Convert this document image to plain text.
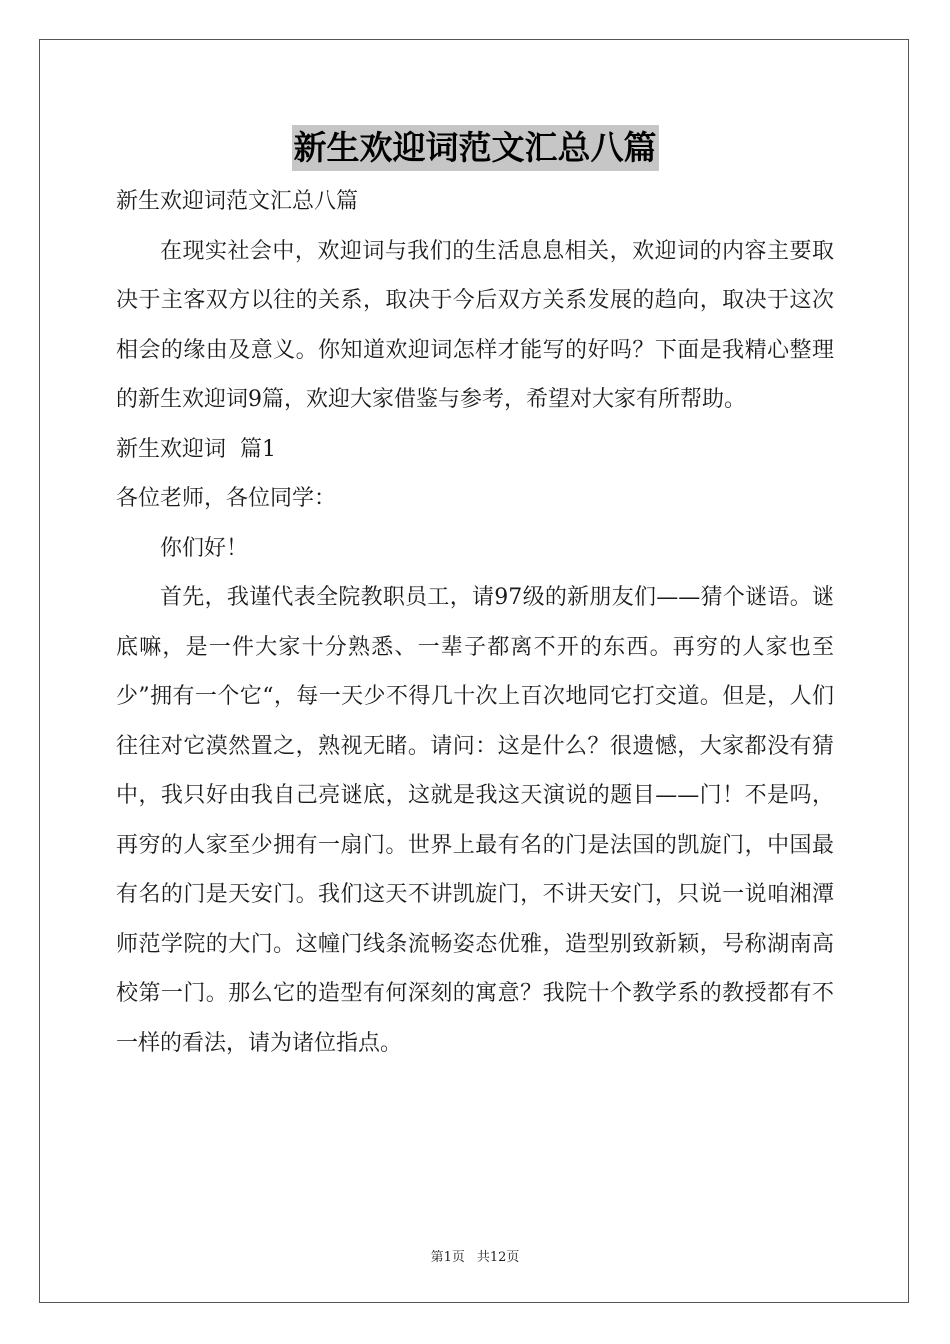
新生欢迎词范文汇总八篇

新生欢迎词范文汇总八篇

在现实社会中，欢迎词与我们的生活息息相关，欢迎词的内容主要取决于主客双方以往的关系，取决于今后双方关系发展的趋向，取决于这次相会的缘由及意义。你知道欢迎词怎样才能写的好吗？下面是我精心整理的新生欢迎词9篇，欢迎大家借鉴与参考，希望对大家有所帮助。

新生欢迎词  篇1

各位老师，各位同学：

你们好！

首先，我谨代表全院教职员工，请97级的新朋友们——猜个谜语。谜底嘛，是一件大家十分熟悉、一辈子都离不开的东西。再穷的人家也至少”拥有一个它“，每一天少不得几十次上百次地同它打交道。但是，人们往往对它漠然置之，熟视无睹。请问：这是什么？很遗憾，大家都没有猜中，我只好由我自己亮谜底，这就是我这天演说的题目——门！不是吗，再穷的人家至少拥有一扇门。世界上最有名的门是法国的凯旋门，中国最有名的门是天安门。我们这天不讲凯旋门，不讲天安门，只说一说咱湘潭师范学院的大门。这幢门线条流畅姿态优雅，造型别致新颖，号称湖南高校第一门。那么它的造型有何深刻的寓意？我院十个教学系的教授都有不一样的看法，请为诸位指点。

第1页 共12页
